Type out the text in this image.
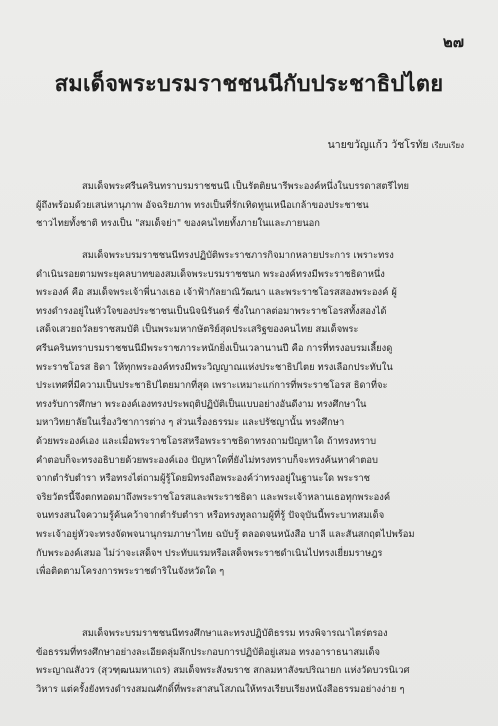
๒๗
สมเด็จพระบรมราชชนนีกับประชาธิปไตย
นายขวัญแก้ว วัชโรทัย เรียบเรียง
สมเด็จพระศรีนครินทราบรมราชชนนี เป็นรัตติยนารีพระองค์หนึ่งในบรรดาสตรีไทย
ผู้ถึงพร้อมด้วยเสน่หานุภาพ อัจฉริยภาพ ทรงเป็นที่รักเทิดทูนเหนือเกล้าของประชาชน
ชาวไทยทั้งชาติ ทรงเป็น "สมเด็จย่า" ของคนไทยทั้งภายในและภายนอก
สมเด็จพระบรมราชชนนีทรงปฏิบัติพระราชภารกิจมากหลายประการ เพราะทรง
ดำเนินรอยตามพระยุคลบาทของสมเด็จพระบรมราชชนก พระองค์ทรงมีพระราชธิดาหนึ่ง
พระองค์ คือ สมเด็จพระเจ้าพี่นางเธอ เจ้าฟ้ากัลยาณิวัฒนา และพระราชโอรสสองพระองค์ ผู้
ทรงดำรงอยู่ในหัวใจของประชาชนเป็นนิจนิรันดร์ ซึ่งในกาลต่อมาพระราชโอรสทั้งสองได้
เสด็จเสวยถวัลยราชสมบัติ เป็นพระมหากษัตริย์สุดประเสริฐของคนไทย สมเด็จพระ
ศรีนครินทราบรมราชชนนีมีพระราชภาระหนักยิ่งเป็นเวลานานปี คือ การที่ทรงอบรมเลี้ยงดู
พระราชโอรส ธิดา ให้ทุกพระองค์ทรงมีพระวิญญาณแห่งประชาธิปไตย ทรงเลือกประทับใน
ประเทศที่มีความเป็นประชาธิปไตยมากที่สุด เพราะเหมาะแก่การที่พระราชโอรส ธิดาที่จะ
ทรงรับการศึกษา พระองค์เองทรงประพฤติปฏิบัติเป็นแบบอย่างอันดีงาม ทรงศึกษาใน
มหาวิทยาลัยในเรื่องวิชาการต่าง ๆ ส่วนเรื่องธรรมะ และปรัชญานั้น ทรงศึกษา
ด้วยพระองค์เอง และเมื่อพระราชโอรสหรือพระราชธิดาทรงถามปัญหาใด ถ้าทรงทราบ
คำตอบก็จะทรงอธิบายด้วยพระองค์เอง ปัญหาใดที่ยังไม่ทรงทราบก็จะทรงค้นหาคำตอบ
จากตำรับตำรา หรือทรงไต่ถามผู้รู้โดยมิทรงถือพระองค์ว่าทรงอยู่ในฐานะใด พระราช
จริยวัตรนี้จึงตกทอดมาถึงพระราชโอรสและพระราชธิดา และพระเจ้าหลานเธอทุกพระองค์
จนทรงสนใจความรู้ค้นคว้าจากตำรับตำรา หรือทรงทูลถามผู้ที่รู้ ปัจจุบันนี้พระบาทสมเด็จ
พระเจ้าอยู่หัวจะทรงจัดพจนานุกรมภาษาไทย ฉบับรู้ ตลอดจนหนังสือ บาลี และสันสกฤตไปพร้อม
กับพระองค์เสมอ ไม่ว่าจะเสด็จฯ ประทับแรมหรือเสด็จพระราชดำเนินไปทรงเยี่ยมราษฎร
เพื่อติดตามโครงการพระราชดำริในจังหวัดใด ๆ
สมเด็จพระบรมราชชนนีทรงศึกษาและทรงปฏิบัติธรรม ทรงพิจารณาไตร่ตรอง
ข้อธรรมที่ทรงศึกษาอย่างละเอียดลุ่มลึกประกอบการปฏิบัติอยู่เสมอ ทรงอาราธนาสมเด็จ
พระญาณสังวร (สุวฑฺฒนมหาเถร) สมเด็จพระสังฆราช สกลมหาสังฆปริณายก แห่งวัดบวรนิเวศ
วิหาร แต่ครั้งยังทรงดำรงสมณศักดิ์ที่พระสาสนโสภณให้ทรงเรียบเรียงหนังสือธรรมอย่างง่าย ๆ
